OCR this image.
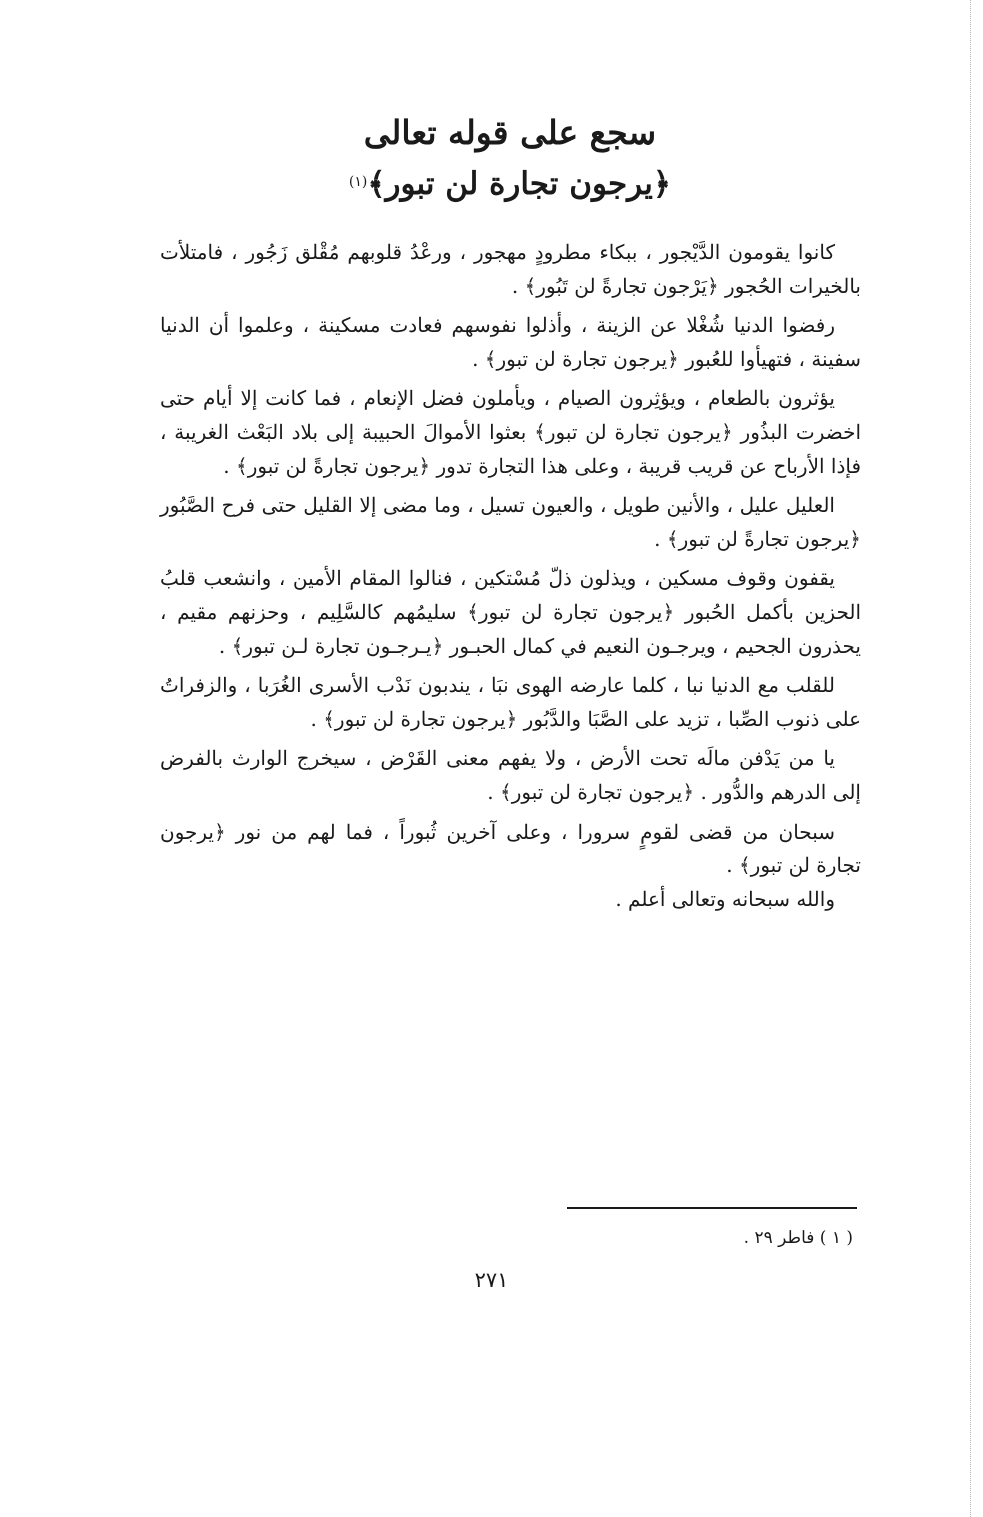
سجع على قوله تعالى

﴿يرجون تجارة لن تبور﴾$^{(١)}$

كانوا يقومون الدَّيْجور ، ببكاء مطرودٍ مهجور ، ورعْدُ قلوبهم مُقْلق زَجُور ، فامتلأت بالخيرات الحُجور ﴿يَرْجون تجارةً لن تَبُور﴾ .

رفضوا الدنيا شُغْلا عن الزينة ، وأذلوا نفوسهم فعادت مسكينة ، وعلموا أن الدنيا سفينة ، فتهيأوا للعُبور ﴿يرجون تجارة لن تبور﴾ .

يؤثرون بالطعام ، ويؤثِرون الصيام ، ويأملون فضل الإنعام ، فما كانت إلا أيام حتى اخضرت البذُور ﴿يرجون تجارة لن تبور﴾ بعثوا الأموالَ الحبيبة إلى بلاد البَعْث الغريبة ، فإذا الأرباح عن قريب قريبة ، وعلى هذا التجارة تدور ﴿يرجون تجارةً لن تبور﴾ .

العليل عليل ، والأنين طويل ، والعيون تسيل ، وما مضى إلا القليل حتى فرح الصَّبُور ﴿يرجون تجارةً لن تبور﴾ .

يقفون وقوف مسكين ، ويذلون ذلّ مُسْتكين ، فنالوا المقام الأمين ، وانشعب قلبُ الحزين بأكمل الحُبور ﴿يرجون تجارة لن تبور﴾ سليمُهم كالسَّلِيم ، وحزنهم مقيم ، يحذرون الجحيم ، ويرجـون النعيم في كمال الحبـور ﴿يـرجـون تجارة لـن تبور﴾ .

للقلب مع الدنيا نبا ، كلما عارضه الهوى نبَا ، يندبون نَدْب الأسرى الغُرَبا ، والزفراتُ على ذنوب الصِّبا ، تزيد على الصَّبَا والدَّبُور ﴿يرجون تجارة لن تبور﴾ .

يا من يَدْفن مالَه تحت الأرض ، ولا يفهم معنى القَرْض ، سيخرج الوارث بالفرض إلى الدرهم والدُّور . ﴿يرجون تجارة لن تبور﴾ .

سبحان من قضى لقومٍ سرورا ، وعلى آخرين ثُبوراً ، فما لهم من نور ﴿يرجون تجارة لن تبور﴾ .

والله سبحانه وتعالى أعلم .

( ١ ) فاطر ٢٩ .
٢٧١
